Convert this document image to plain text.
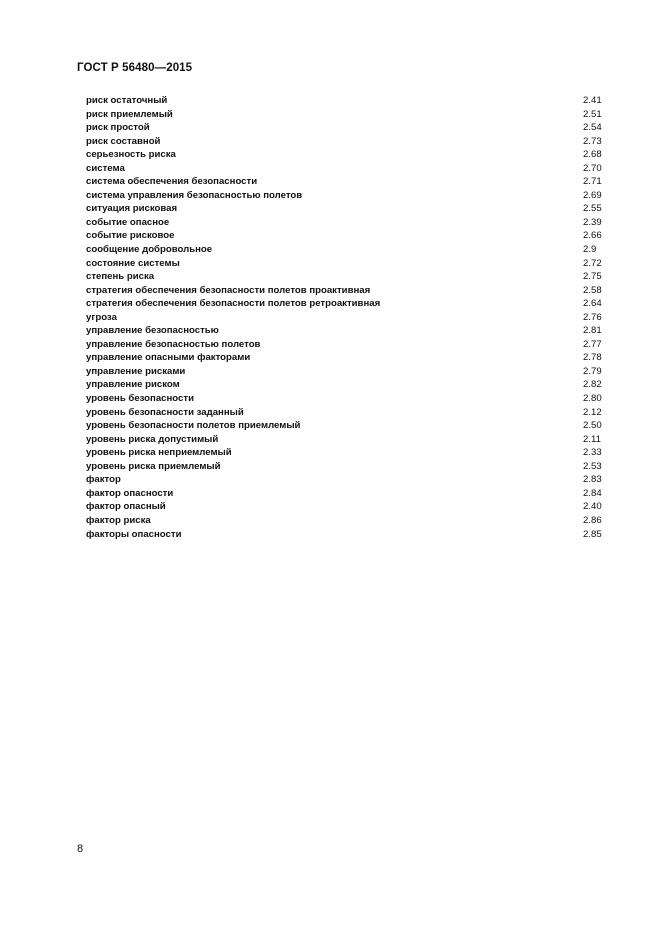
ГОСТ Р 56480—2015
риск остаточный	2.41
риск приемлемый	2.51
риск простой	2.54
риск составной	2.73
серьезность риска	2.68
система	2.70
система обеспечения безопасности	2.71
система управления безопасностью полетов	2.69
ситуация рисковая	2.55
событие опасное	2.39
событие рисковое	2.66
сообщение добровольное	2.9
состояние системы	2.72
степень риска	2.75
стратегия обеспечения безопасности полетов проактивная	2.58
стратегия обеспечения безопасности полетов ретроактивная	2.64
угроза	2.76
управление безопасностью	2.81
управление безопасностью полетов	2.77
управление опасными факторами	2.78
управление рисками	2.79
управление риском	2.82
уровень безопасности	2.80
уровень безопасности заданный	2.12
уровень безопасности полетов приемлемый	2.50
уровень риска допустимый	2.11
уровень риска неприемлемый	2.33
уровень риска приемлемый	2.53
фактор	2.83
фактор опасности	2.84
фактор опасный	2.40
фактор риска	2.86
факторы опасности	2.85
8
